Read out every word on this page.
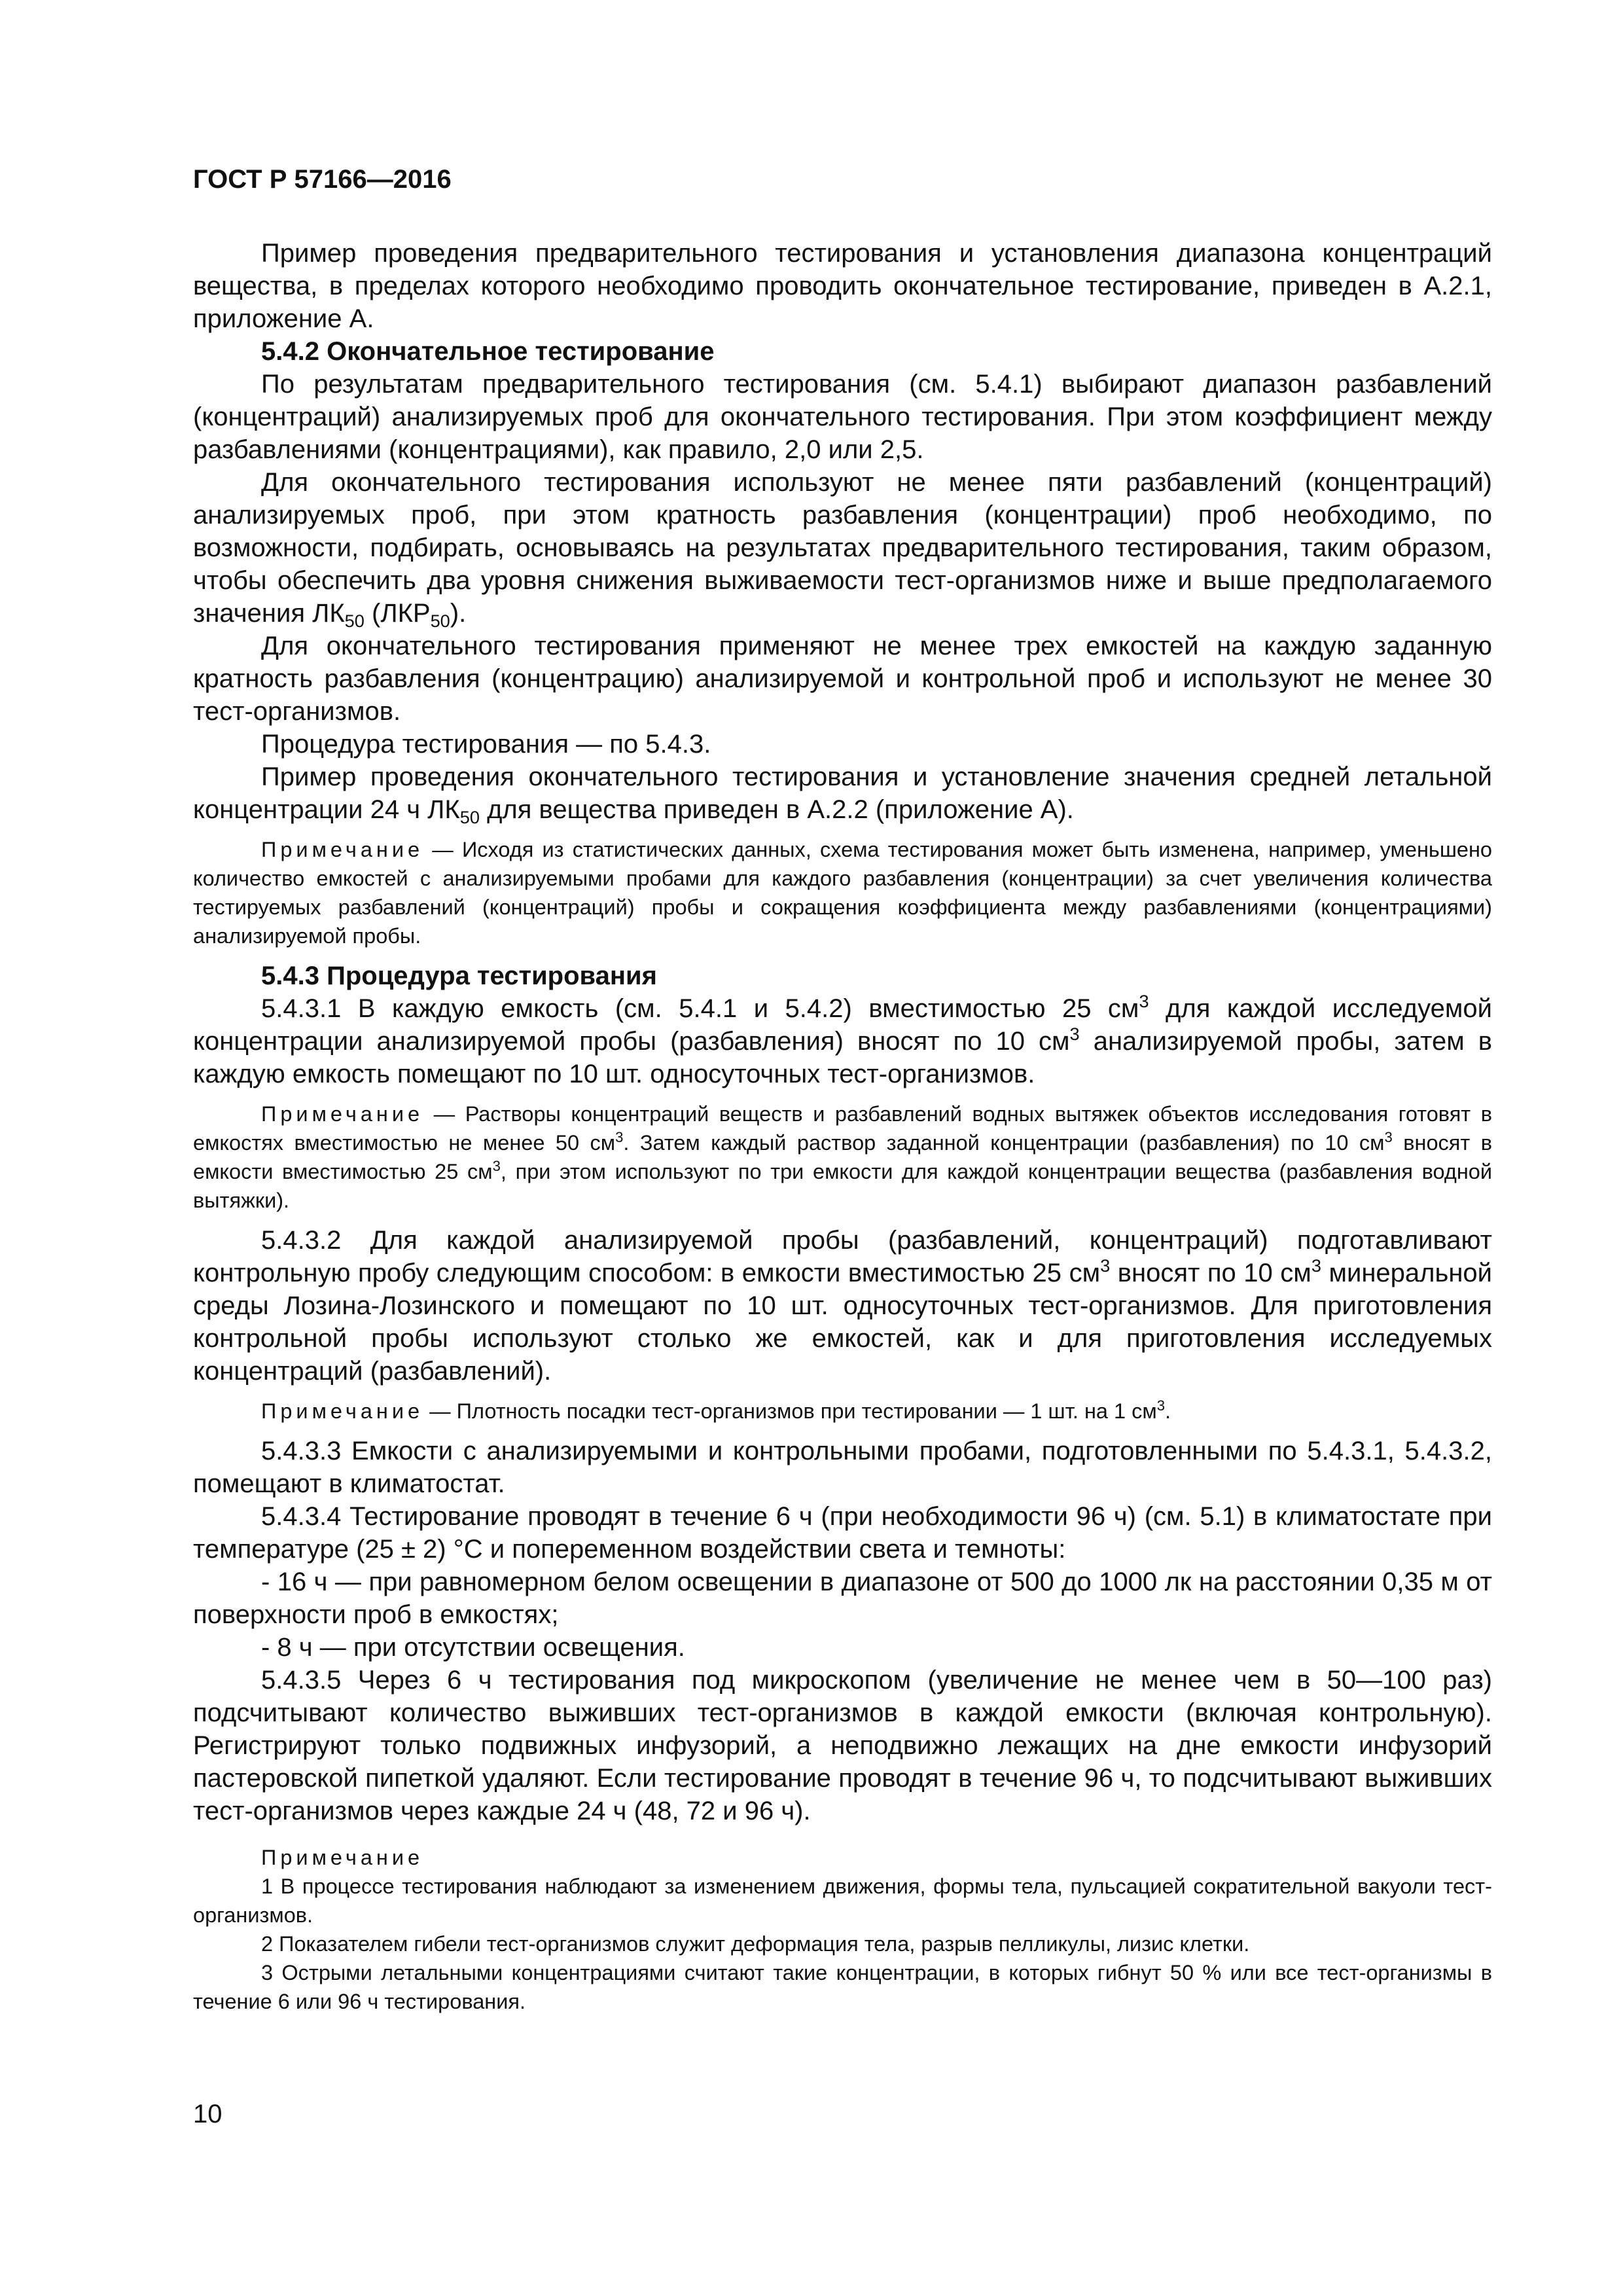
ГОСТ Р 57166—2016

Пример проведения предварительного тестирования и установления диапазона концентраций вещества, в пределах которого необходимо проводить окончательное тестирование, приведен в А.2.1, приложение А.

5.4.2 Окончательное тестирование

По результатам предварительного тестирования (см. 5.4.1) выбирают диапазон разбавлений (концентраций) анализируемых проб для окончательного тестирования. При этом коэффициент между разбавлениями (концентрациями), как правило, 2,0 или 2,5.

Для окончательного тестирования используют не менее пяти разбавлений (концентраций) анализируемых проб, при этом кратность разбавления (концентрации) проб необходимо, по возможности, подбирать, основываясь на результатах предварительного тестирования, таким образом, чтобы обеспечить два уровня снижения выживаемости тест-организмов ниже и выше предполагаемого значения $ЛК_{50}$ $(ЛКР_{50})$.

Для окончательного тестирования применяют не менее трех емкостей на каждую заданную кратность разбавления (концентрацию) анализируемой и контрольной проб и используют не менее 30 тест-организмов.

Процедура тестирования — по 5.4.3.

Пример проведения окончательного тестирования и установление значения средней летальной концентрации 24 ч $ЛК_{50}$ для вещества приведен в А.2.2 (приложение А).

Примечание — Исходя из статистических данных, схема тестирования может быть изменена, например, уменьшено количество емкостей с анализируемыми пробами для каждого разбавления (концентрации) за счет увеличения количества тестируемых разбавлений (концентраций) пробы и сокращения коэффициента между разбавлениями (концентрациями) анализируемой пробы.

5.4.3 Процедура тестирования

5.4.3.1 В каждую емкость (см. 5.4.1 и 5.4.2) вместимостью 25 $см^3$ для каждой исследуемой концентрации анализируемой пробы (разбавления) вносят по 10 $см^3$ анализируемой пробы, затем в каждую емкость помещают по 10 шт. односуточных тест-организмов.

Примечание — Растворы концентраций веществ и разбавлений водных вытяжек объектов исследования готовят в емкостях вместимостью не менее 50 $см^3$. Затем каждый раствор заданной концентрации (разбавления) по 10 $см^3$ вносят в емкости вместимостью 25 $см^3$, при этом используют по три емкости для каждой концентрации вещества (разбавления водной вытяжки).

5.4.3.2 Для каждой анализируемой пробы (разбавлений, концентраций) подготавливают контрольную пробу следующим способом: в емкости вместимостью 25 $см^3$ вносят по 10 $см^3$ минеральной среды Лозина-Лозинского и помещают по 10 шт. односуточных тест-организмов. Для приготовления контрольной пробы используют столько же емкостей, как и для приготовления исследуемых концентраций (разбавлений).

Примечание — Плотность посадки тест-организмов при тестировании — 1 шт. на 1 $см^3$.

5.4.3.3 Емкости с анализируемыми и контрольными пробами, подготовленными по 5.4.3.1, 5.4.3.2, помещают в климатостат.

5.4.3.4 Тестирование проводят в течение 6 ч (при необходимости 96 ч) (см. 5.1) в климатостате при температуре (25 ± 2) °С и попеременном воздействии света и темноты:

- 16 ч — при равномерном белом освещении в диапазоне от 500 до 1000 лк на расстоянии 0,35 м от поверхности проб в емкостях;

- 8 ч — при отсутствии освещения.

5.4.3.5 Через 6 ч тестирования под микроскопом (увеличение не менее чем в 50—100 раз) подсчитывают количество выживших тест-организмов в каждой емкости (включая контрольную). Регистрируют только подвижных инфузорий, а неподвижно лежащих на дне емкости инфузорий пастеровской пипеткой удаляют. Если тестирование проводят в течение 96 ч, то подсчитывают выживших тест-организмов через каждые 24 ч (48, 72 и 96 ч).

Примечание

1 В процессе тестирования наблюдают за изменением движения, формы тела, пульсацией сократительной вакуоли тест-организмов.

2 Показателем гибели тест-организмов служит деформация тела, разрыв пелликулы, лизис клетки.

3 Острыми летальными концентрациями считают такие концентрации, в которых гибнут 50 % или все тест-организмы в течение 6 или 96 ч тестирования.

10
